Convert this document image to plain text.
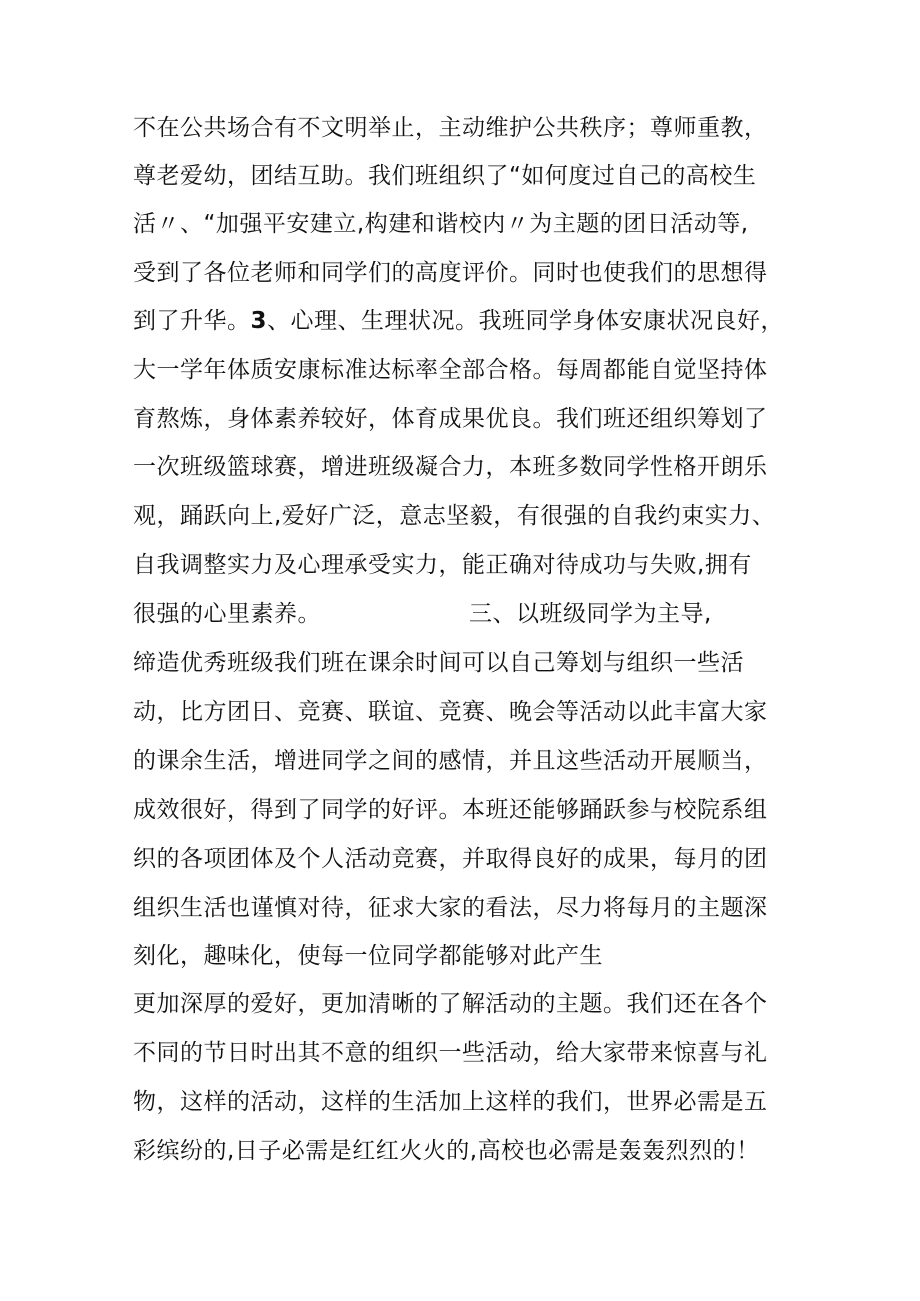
不在公共场合有不文明举止，主动维护公共秩序；尊师重教，
尊老爱幼，团结互助。我们班组织了“如何度过自己的高校生
活〃、“加强平安建立,构建和谐校内〃为主题的团日活动等,
受到了各位老师和同学们的高度评价。同时也使我们的思想得
到了升华。3、心理、生理状况。我班同学身体安康状况良好，
大一学年体质安康标准达标率全部合格。每周都能自觉坚持体
育熬炼，身体素养较好，体育成果优良。我们班还组织筹划了
一次班级篮球赛，增进班级凝合力，本班多数同学性格开朗乐
观，踊跃向上,爱好广泛，意志坚毅，有很强的自我约束实力、
自我调整实力及心理承受实力，能正确对待成功与失败,拥有
很强的心里素养。	三、以班级同学为主导,
缔造优秀班级我们班在课余时间可以自己筹划与组织一些活
动，比方团日、竞赛、联谊、竞赛、晚会等活动以此丰富大家
的课余生活，增进同学之间的感情，并且这些活动开展顺当，
成效很好，得到了同学的好评。本班还能够踊跃参与校院系组
织的各项团体及个人活动竞赛，并取得良好的成果，每月的团
组织生活也谨慎对待，征求大家的看法，尽力将每月的主题深
刻化，趣味化，使每一位同学都能够对此产生
更加深厚的爱好，更加清晰的了解活动的主题。我们还在各个
不同的节日时出其不意的组织一些活动，给大家带来惊喜与礼
物，这样的活动，这样的生活加上这样的我们，世界必需是五
彩缤纷的,日子必需是红红火火的,高校也必需是轰轰烈烈的！
